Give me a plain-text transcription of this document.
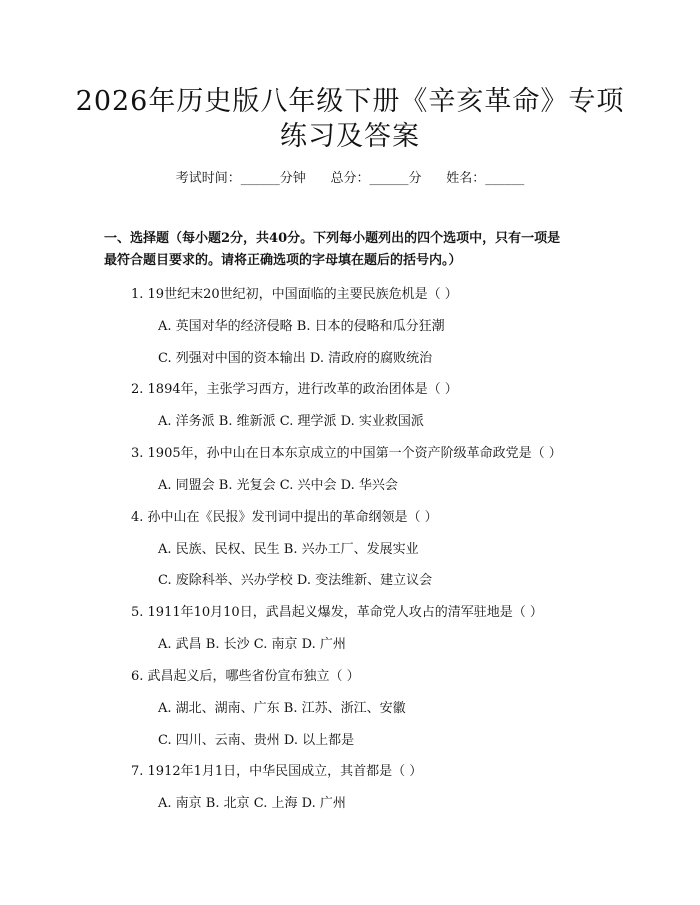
2026年历史版八年级下册《辛亥革命》专项
练习及答案
考试时间：______分钟      总分：______分      姓名：______
一、选择题（每小题2分，共40分。下列每小题列出的四个选项中，只有一项是
最符合题目要求的。请将正确选项的字母填在题后的括号内。）
1. 19世纪末20世纪初，中国面临的主要民族危机是（ ）
A. 英国对华的经济侵略 B. 日本的侵略和瓜分狂潮
C. 列强对中国的资本输出 D. 清政府的腐败统治
2. 1894年，主张学习西方，进行改革的政治团体是（ ）
A. 洋务派 B. 维新派 C. 理学派 D. 实业救国派
3. 1905年，孙中山在日本东京成立的中国第一个资产阶级革命政党是（ ）
A. 同盟会 B. 光复会 C. 兴中会 D. 华兴会
4. 孙中山在《民报》发刊词中提出的革命纲领是（ ）
A. 民族、民权、民生 B. 兴办工厂、发展实业
C. 废除科举、兴办学校 D. 变法维新、建立议会
5. 1911年10月10日，武昌起义爆发，革命党人攻占的清军驻地是（ ）
A. 武昌 B. 长沙 C. 南京 D. 广州
6. 武昌起义后，哪些省份宣布独立（ ）
A. 湖北、湖南、广东 B. 江苏、浙江、安徽
C. 四川、云南、贵州 D. 以上都是
7. 1912年1月1日，中华民国成立，其首都是（ ）
A. 南京 B. 北京 C. 上海 D. 广州
